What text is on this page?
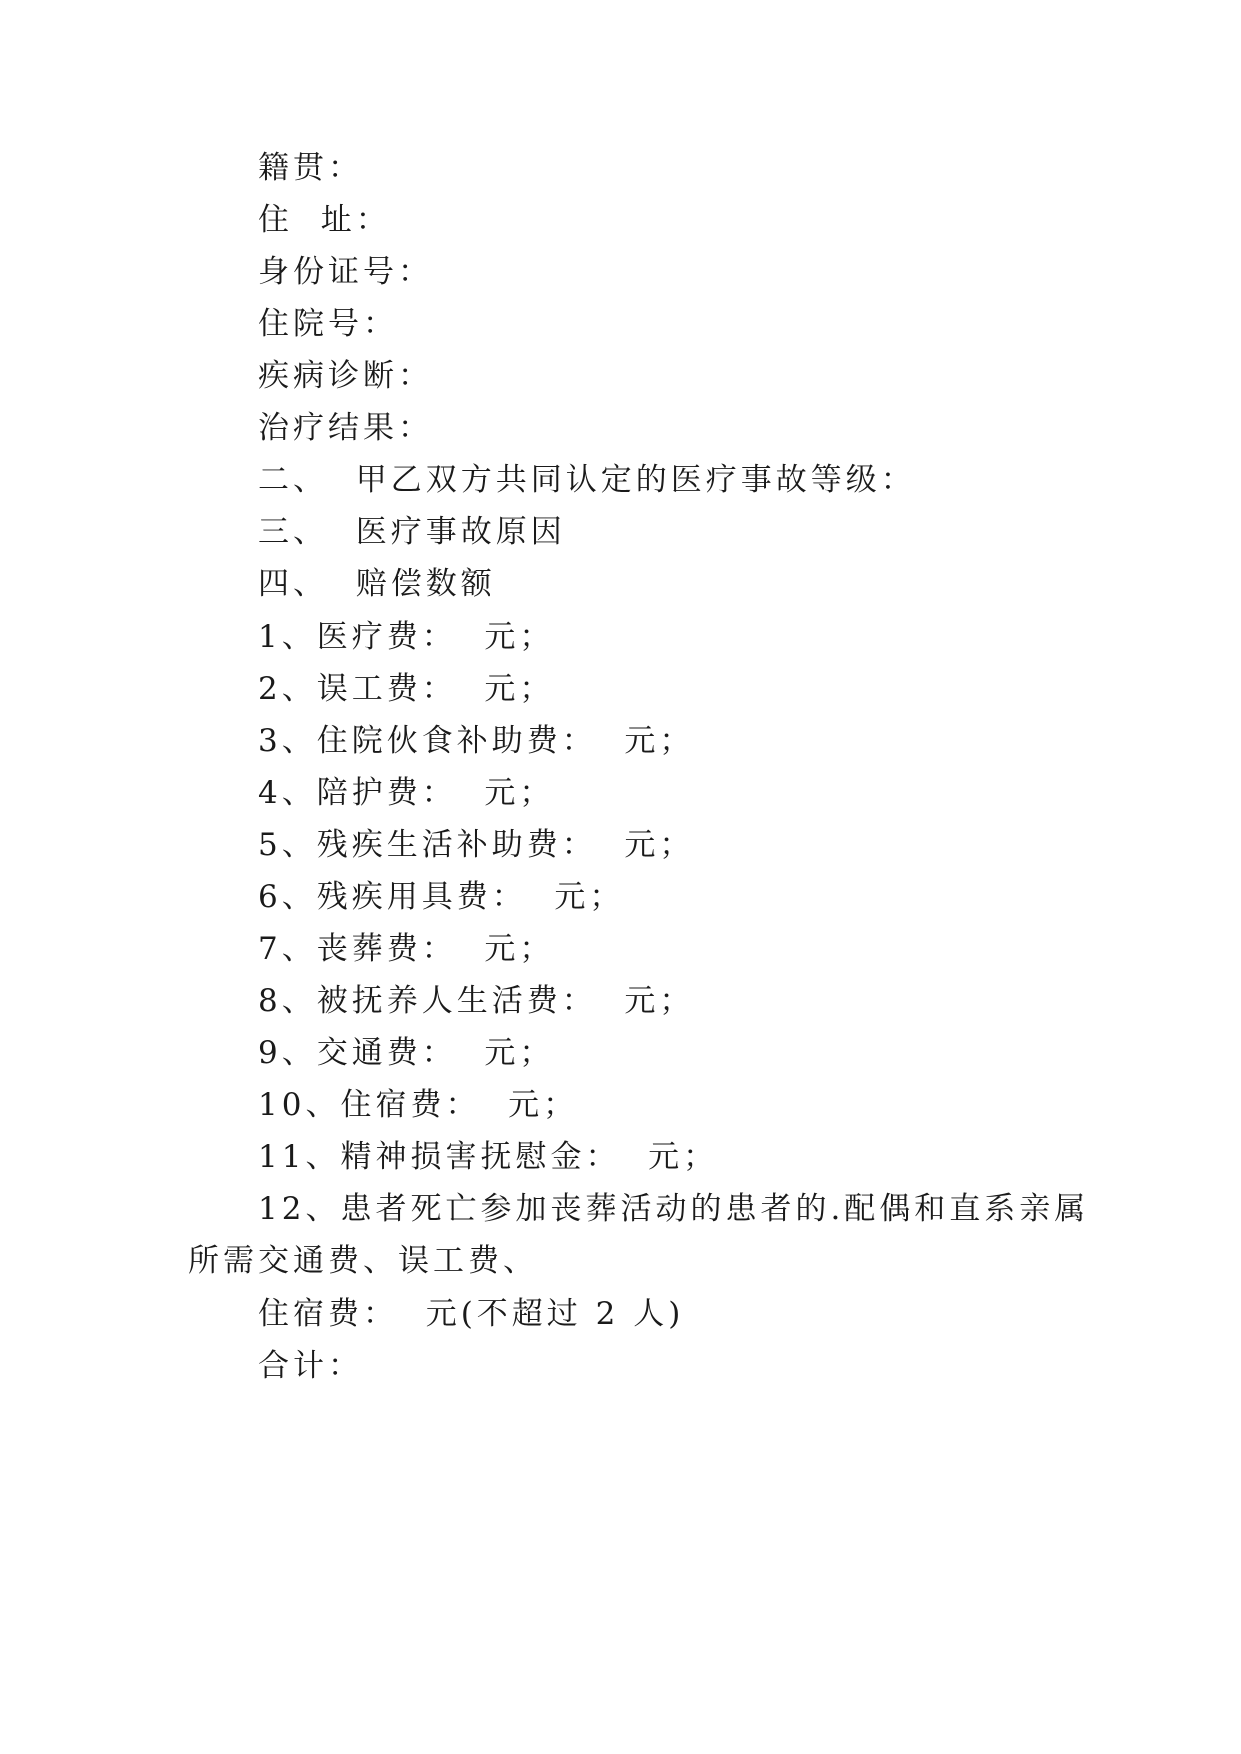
籍贯：
住  址：
身份证号：
住院号：
疾病诊断：
治疗结果：
二、  甲乙双方共同认定的医疗事故等级：
三、  医疗事故原因
四、  赔偿数额
1、医疗费：  元；
2、误工费：  元；
3、住院伙食补助费：  元；
4、陪护费：  元；
5、残疾生活补助费：  元；
6、残疾用具费：  元；
7、丧葬费：  元；
8、被抚养人生活费：  元；
9、交通费：  元；
10、住宿费：  元；
11、精神损害抚慰金：  元；
12、患者死亡参加丧葬活动的患者的.配偶和直系亲属
所需交通费、误工费、
住宿费：  元(不超过 2 人)
合计：
